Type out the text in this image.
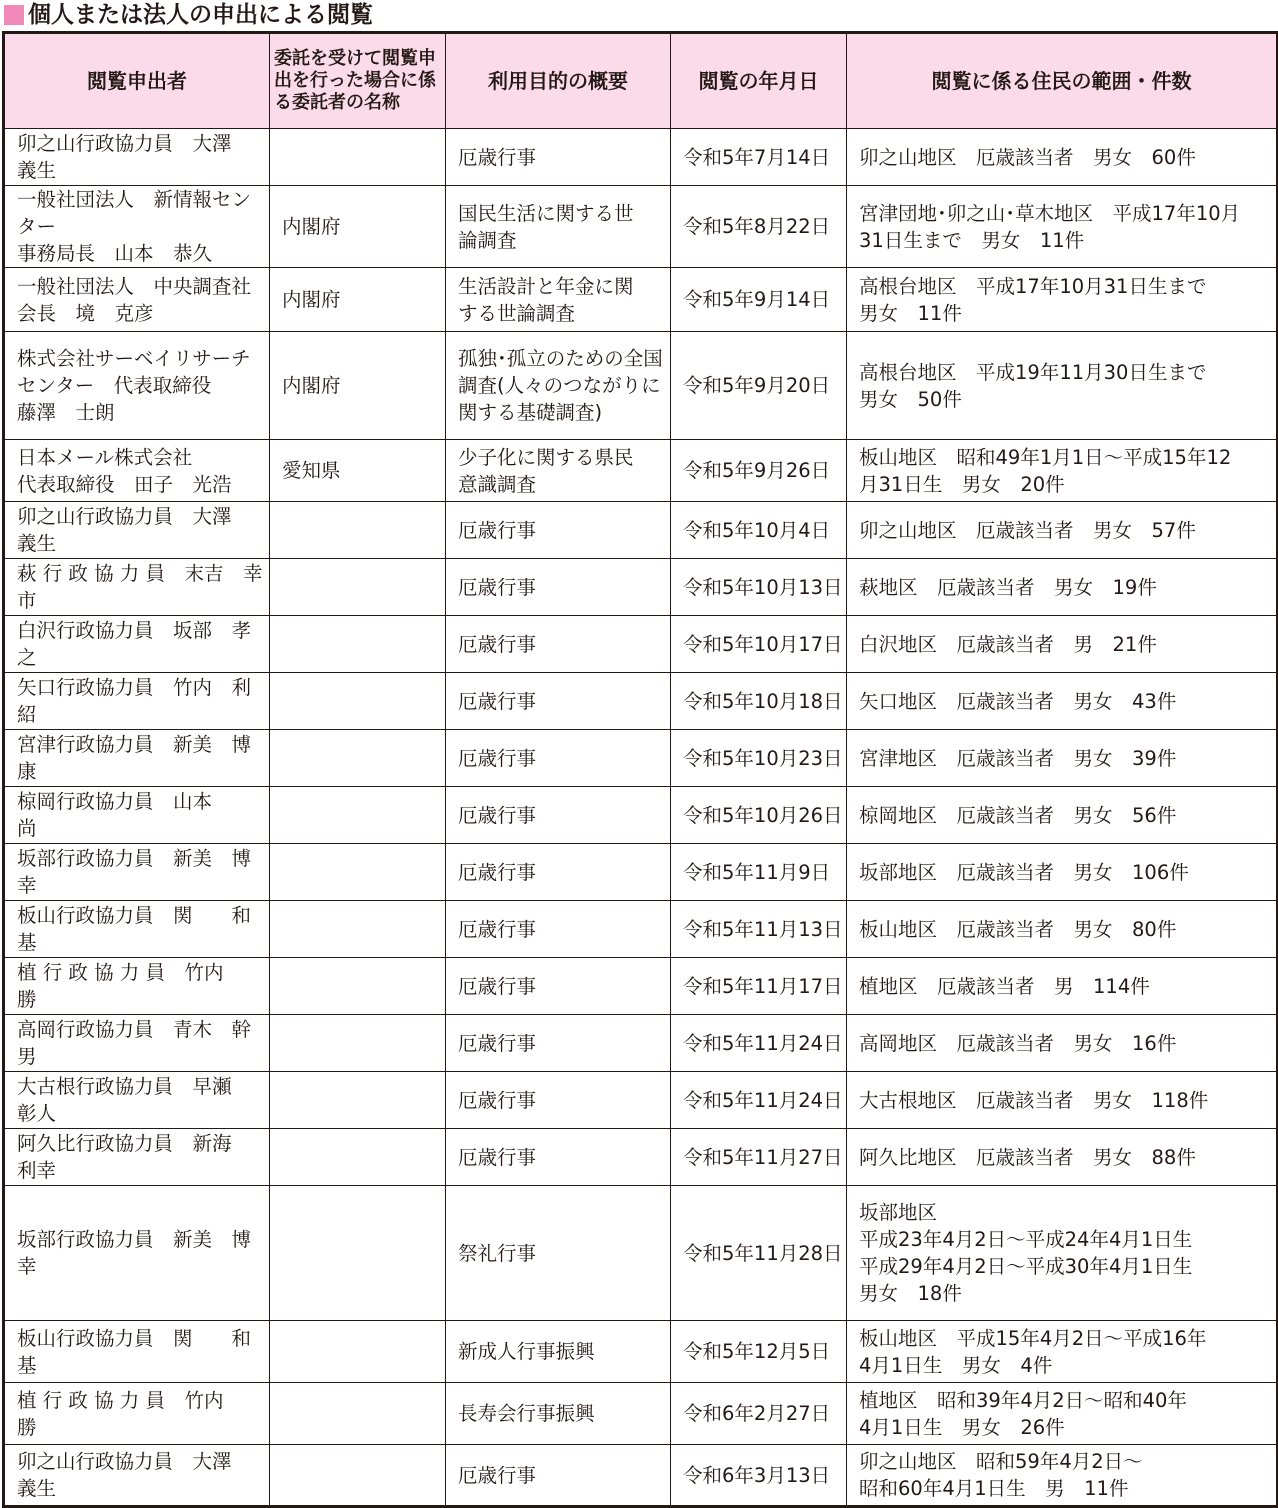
個人または法人の申出による閲覧
閲覧申出者	委託を受けて閲覧申
出を行った場合に係
る委託者の名称	利用目的の概要	閲覧の年月日	閲覧に係る住民の範囲・件数
卯之山行政協力員　大澤　義生		厄歳行事	令和5年7月14日	卯之山地区　厄歳該当者　男女　60件
一般社団法人　新情報センター
事務局長　山本　恭久	内閣府	国民生活に関する世
論調査	令和5年8月22日	宮津団地･卯之山･草木地区　平成17年10月
31日生まで　男女　11件
一般社団法人　中央調査社
会長　境　克彦	内閣府	生活設計と年金に関
する世論調査	令和5年9月14日	高根台地区　平成17年10月31日生まで
男女　11件
株式会社サーベイリサーチ
センター　代表取締役
藤澤　士朗	内閣府	孤独･孤立のための全国
調査(人々のつながりに
関する基礎調査)	令和5年9月20日	高根台地区　平成19年11月30日生まで
男女　50件
日本メール株式会社
代表取締役　田子　光浩	愛知県	少子化に関する県民
意識調査	令和5年9月26日	板山地区　昭和49年1月1日～平成15年12
月31日生　男女　20件
卯之山行政協力員　大澤　義生		厄歳行事	令和5年10月4日	卯之山地区　厄歳該当者　男女　57件
萩 行 政 協 力 員　末吉　幸市		厄歳行事	令和5年10月13日	萩地区　厄歳該当者　男女　19件
白沢行政協力員　坂部　孝之		厄歳行事	令和5年10月17日	白沢地区　厄歳該当者　男　21件
矢口行政協力員　竹内　利紹		厄歳行事	令和5年10月18日	矢口地区　厄歳該当者　男女　43件
宮津行政協力員　新美　博康		厄歳行事	令和5年10月23日	宮津地区　厄歳該当者　男女　39件
椋岡行政協力員　山本　　尚		厄歳行事	令和5年10月26日	椋岡地区　厄歳該当者　男女　56件
坂部行政協力員　新美　博幸		厄歳行事	令和5年11月9日	坂部地区　厄歳該当者　男女　106件
板山行政協力員　関　　和基		厄歳行事	令和5年11月13日	板山地区　厄歳該当者　男女　80件
植 行 政 協 力 員　竹内　　勝		厄歳行事	令和5年11月17日	植地区　厄歳該当者　男　114件
高岡行政協力員　青木　幹男		厄歳行事	令和5年11月24日	高岡地区　厄歳該当者　男女　16件
大古根行政協力員　早瀬　彰人		厄歳行事	令和5年11月24日	大古根地区　厄歳該当者　男女　118件
阿久比行政協力員　新海　利幸		厄歳行事	令和5年11月27日	阿久比地区　厄歳該当者　男女　88件
坂部行政協力員　新美　博幸		祭礼行事	令和5年11月28日	坂部地区
平成23年4月2日～平成24年4月1日生
平成29年4月2日～平成30年4月1日生
男女　18件
板山行政協力員　関　　和基		新成人行事振興	令和5年12月5日	板山地区　平成15年4月2日～平成16年
4月1日生　男女　4件
植 行 政 協 力 員　竹内　　勝		長寿会行事振興	令和6年2月27日	植地区　昭和39年4月2日～昭和40年
4月1日生　男女　26件
卯之山行政協力員　大澤　義生		厄歳行事	令和6年3月13日	卯之山地区　昭和59年4月2日～
昭和60年4月1日生　男　11件
